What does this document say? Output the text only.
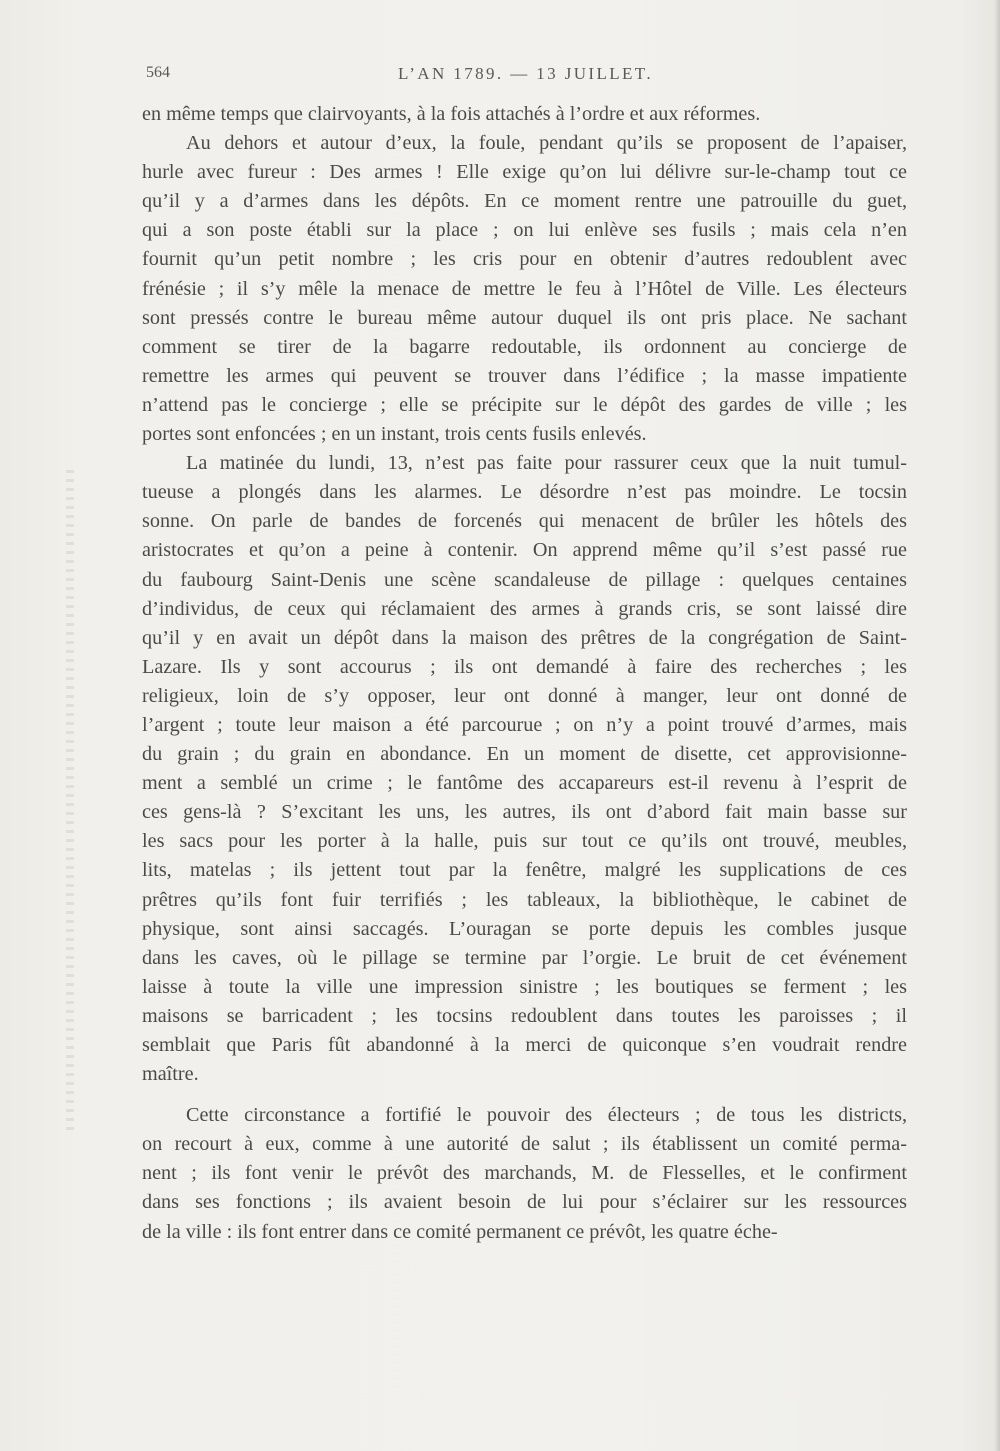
564	L’AN 1789. — 13 JUILLET.
en même temps que clairvoyants, à la fois attachés à l’ordre et aux réformes.
Au dehors et autour d’eux, la foule, pendant qu’ils se proposent de l’apaiser,
hurle avec fureur : Des armes ! Elle exige qu’on lui délivre sur-le-champ tout ce
qu’il y a d’armes dans les dépôts. En ce moment rentre une patrouille du guet,
qui a son poste établi sur la place ; on lui enlève ses fusils ; mais cela n’en
fournit qu’un petit nombre ; les cris pour en obtenir d’autres redoublent avec
frénésie ; il s’y mêle la menace de mettre le feu à l’Hôtel de Ville. Les électeurs
sont pressés contre le bureau même autour duquel ils ont pris place. Ne sachant
comment se tirer de la bagarre redoutable, ils ordonnent au concierge de
remettre les armes qui peuvent se trouver dans l’édifice ; la masse impatiente
n’attend pas le concierge ; elle se précipite sur le dépôt des gardes de ville ; les
portes sont enfoncées ; en un instant, trois cents fusils enlevés.
La matinée du lundi, 13, n’est pas faite pour rassurer ceux que la nuit tumul-
tueuse a plongés dans les alarmes. Le désordre n’est pas moindre. Le tocsin
sonne. On parle de bandes de forcenés qui menacent de brûler les hôtels des
aristocrates et qu’on a peine à contenir. On apprend même qu’il s’est passé rue
du faubourg Saint-Denis une scène scandaleuse de pillage : quelques centaines
d’individus, de ceux qui réclamaient des armes à grands cris, se sont laissé dire
qu’il y en avait un dépôt dans la maison des prêtres de la congrégation de Saint-
Lazare. Ils y sont accourus ; ils ont demandé à faire des recherches ; les
religieux, loin de s’y opposer, leur ont donné à manger, leur ont donné de
l’argent ; toute leur maison a été parcourue ; on n’y a point trouvé d’armes, mais
du grain ; du grain en abondance. En un moment de disette, cet approvisionne-
ment a semblé un crime ; le fantôme des accapareurs est-il revenu à l’esprit de
ces gens-là ? S’excitant les uns, les autres, ils ont d’abord fait main basse sur
les sacs pour les porter à la halle, puis sur tout ce qu’ils ont trouvé, meubles,
lits, matelas ; ils jettent tout par la fenêtre, malgré les supplications de ces
prêtres qu’ils font fuir terrifiés ; les tableaux, la bibliothèque, le cabinet de
physique, sont ainsi saccagés. L’ouragan se porte depuis les combles jusque
dans les caves, où le pillage se termine par l’orgie. Le bruit de cet événement
laisse à toute la ville une impression sinistre ; les boutiques se ferment ; les
maisons se barricadent ; les tocsins redoublent dans toutes les paroisses ; il
semblait que Paris fût abandonné à la merci de quiconque s’en voudrait rendre
maître.
Cette circonstance a fortifié le pouvoir des électeurs ; de tous les districts,
on recourt à eux, comme à une autorité de salut ; ils établissent un comité perma-
nent ; ils font venir le prévôt des marchands, M. de Flesselles, et le confirment
dans ses fonctions ; ils avaient besoin de lui pour s’éclairer sur les ressources
de la ville : ils font entrer dans ce comité permanent ce prévôt, les quatre éche-
